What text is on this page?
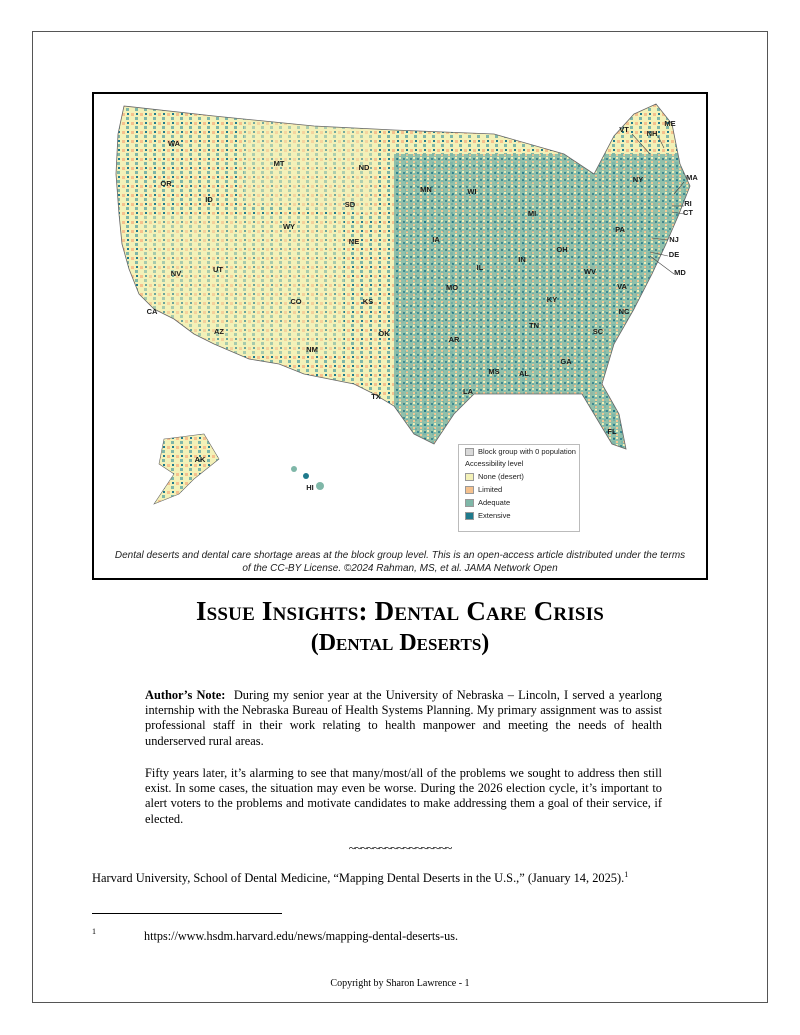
WA
OR
CA
NV
ID
MT
WY
UT
AZ
CO
NM
ND
SD
NE
KS
OK
TX
MN
IA
MO
AR
LA
WI
IL
MI
IN
OH
KY
TN
MS	AL
GA
FL
SC
NC
VA
WV
PA
NY
VT NH
ME
MA
RI
CT
NJ
DE
MD
AK
HI
Block group with 0 population
Accessibility level
None (desert)
Limited
Adequate
Extensive
Dental deserts and dental care shortage areas at the block group level. This is an open-access article distributed under the terms
of the CC-BY License. ©2024 Rahman, MS, et al. JAMA Network Open
Issue Insights: Dental Care Crisis
(Dental Deserts)
Author’s Note: During my senior year at the University of Nebraska – Lincoln, I served a yearlong internship with the Nebraska Bureau of Health Systems Planning. My primary assignment was to assist professional staff in their work relating to health manpower and meeting the needs of health underserved rural areas.
Fifty years later, it’s alarming to see that many/most/all of the problems we sought to address then still exist. In some cases, the situation may even be worse. During the 2026 election cycle, it’s important to alert voters to the problems and motivate candidates to make addressing them a goal of their service, if elected.
~~~~~~~~~~~~~~~~~
Harvard University, School of Dental Medicine, “Mapping Dental Deserts in the U.S.,” (January 14, 2025).$^1$
1	https://www.hsdm.harvard.edu/news/mapping-dental-deserts-us.
Copyright by Sharon Lawrence - 1
